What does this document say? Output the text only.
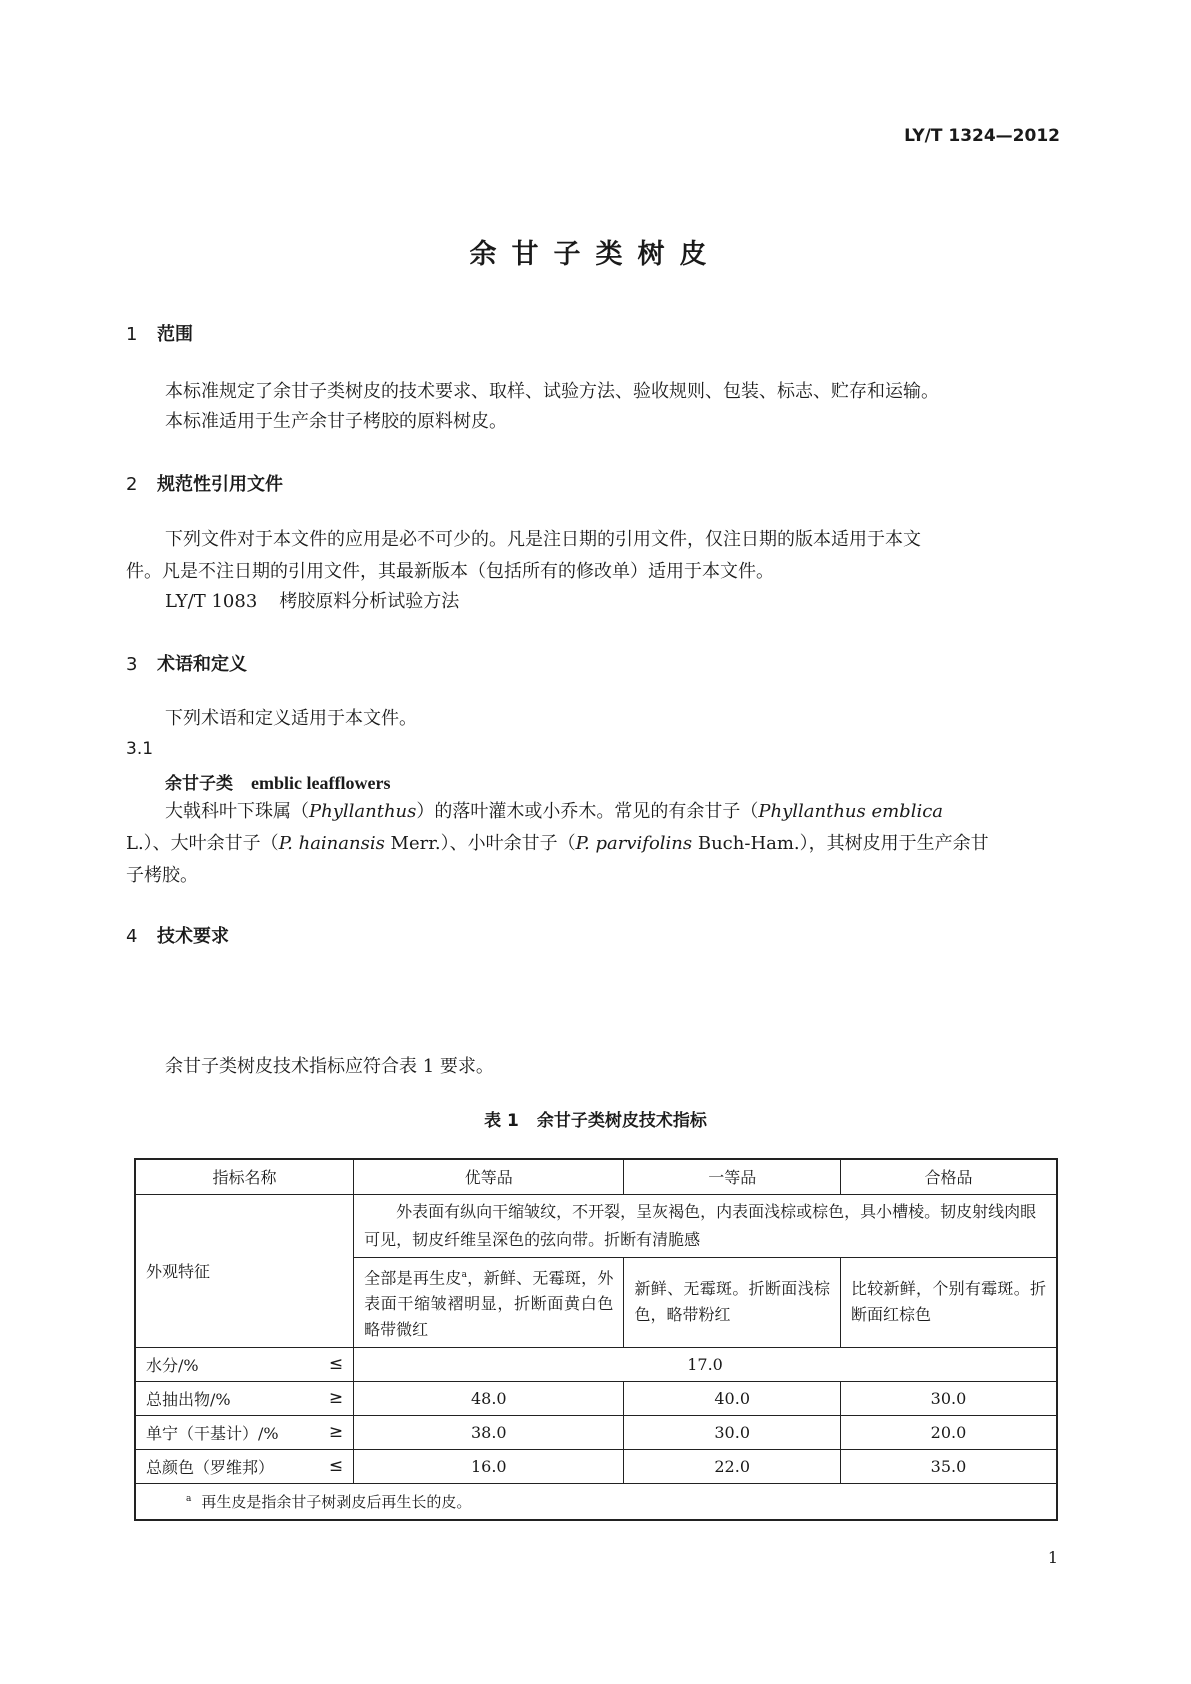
LY/T 1324—2012
余甘子类树皮
1 范围
本标准规定了余甘子类树皮的技术要求、取样、试验方法、验收规则、包装、标志、贮存和运输。
本标准适用于生产余甘子栲胶的原料树皮。
2 规范性引用文件
下列文件对于本文件的应用是必不可少的。凡是注日期的引用文件，仅注日期的版本适用于本文
件。凡是不注日期的引用文件，其最新版本（包括所有的修改单）适用于本文件。
LY/T 1083 栲胶原料分析试验方法
3 术语和定义
下列术语和定义适用于本文件。
3.1
余甘子类 emblic leafflowers
大戟科叶下珠属（Phyllanthus）的落叶灌木或小乔木。常见的有余甘子（Phyllanthus emblica
L.）、大叶余甘子（P. hainansis Merr.）、小叶余甘子（P. parvifolins Buch-Ham.），其树皮用于生产余甘
子栲胶。
4 技术要求
余甘子类树皮技术指标应符合表 1 要求。
表 1 余甘子类树皮技术指标
指标名称	优等品	一等品	合格品
外观特征	外表面有纵向干缩皱纹，不开裂，呈灰褐色，内表面浅棕或棕色，具小槽棱。韧皮射线肉眼可见，韧皮纤维呈深色的弦向带。折断有清脆感		
	全部是再生皮$^a$，新鲜、无霉斑，外表面干缩皱褶明显，折断面黄白色略带微红	新鲜、无霉斑。折断面浅棕色，略带粉红	比较新鲜，个别有霉斑。折断面红棕色

水分/% ≤	17.0		

总抽出物/% ≥	48.0	40.0	30.0

单宁（干基计）/% ≥	38.0	30.0	20.0

总颜色（罗维邦） ≤	16.0	22.0	35.0
$^a$ 再生皮是指余甘子树剥皮后再生长的皮。			
1
